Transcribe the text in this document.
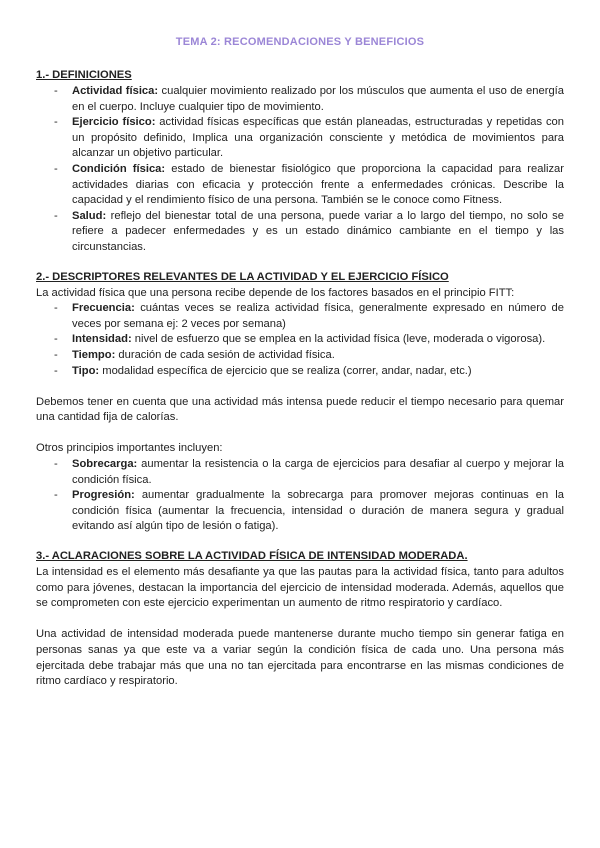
TEMA 2: RECOMENDACIONES Y BENEFICIOS
1.- DEFINICIONES
- Actividad física: cualquier movimiento realizado por los músculos que aumenta el uso de energía en el cuerpo. Incluye cualquier tipo de movimiento.
- Ejercicio físico: actividad físicas específicas que están planeadas, estructuradas y repetidas con un propósito definido, Implica una organización consciente y metódica de movimientos para alcanzar un objetivo particular.
- Condición física: estado de bienestar fisiológico que proporciona la capacidad para realizar actividades diarias con eficacia y protección frente a enfermedades crónicas. Describe la capacidad y el rendimiento físico de una persona. También se le conoce como Fitness.
- Salud: reflejo del bienestar total de una persona, puede variar a lo largo del tiempo, no solo se refiere a padecer enfermedades y es un estado dinámico cambiante en el tiempo y las circunstancias.
2.- DESCRIPTORES RELEVANTES DE LA ACTIVIDAD Y EL EJERCICIO FÍSICO

La actividad física que una persona recibe depende de los factores basados en el principio FITT:

- Frecuencia: cuántas veces se realiza actividad física, generalmente expresado en número de veces por semana ej: 2 veces por semana)
- Intensidad: nivel de esfuerzo que se emplea en la actividad física (leve, moderada o vigorosa).
- Tiempo: duración de cada sesión de actividad física.
- Tipo: modalidad específica de ejercicio que se realiza (correr, andar, nadar, etc.)

Debemos tener en cuenta que una actividad más intensa puede reducir el tiempo necesario para quemar una cantidad fija de calorías.

Otros principios importantes incluyen:

- Sobrecarga: aumentar la resistencia o la carga de ejercicios para desafiar al cuerpo y mejorar la condición física.
- Progresión: aumentar gradualmente la sobrecarga para promover mejoras continuas en la condición física (aumentar la frecuencia, intensidad o duración de manera segura y gradual evitando así algún tipo de lesión o fatiga).
3.- ACLARACIONES SOBRE LA ACTIVIDAD FÍSICA DE INTENSIDAD MODERADA.

La intensidad es el elemento más desafiante ya que las pautas para la actividad física, tanto para adultos como para jóvenes, destacan la importancia del ejercicio de intensidad moderada. Además, aquellos que se comprometen con este ejercicio experimentan un aumento de ritmo respiratorio y cardíaco.

Una actividad de intensidad moderada puede mantenerse durante mucho tiempo sin generar fatiga en personas sanas ya que este va a variar según la condición física de cada uno. Una persona más ejercitada debe trabajar más que una no tan ejercitada para encontrarse en las mismas condiciones de ritmo cardíaco y respiratorio.
